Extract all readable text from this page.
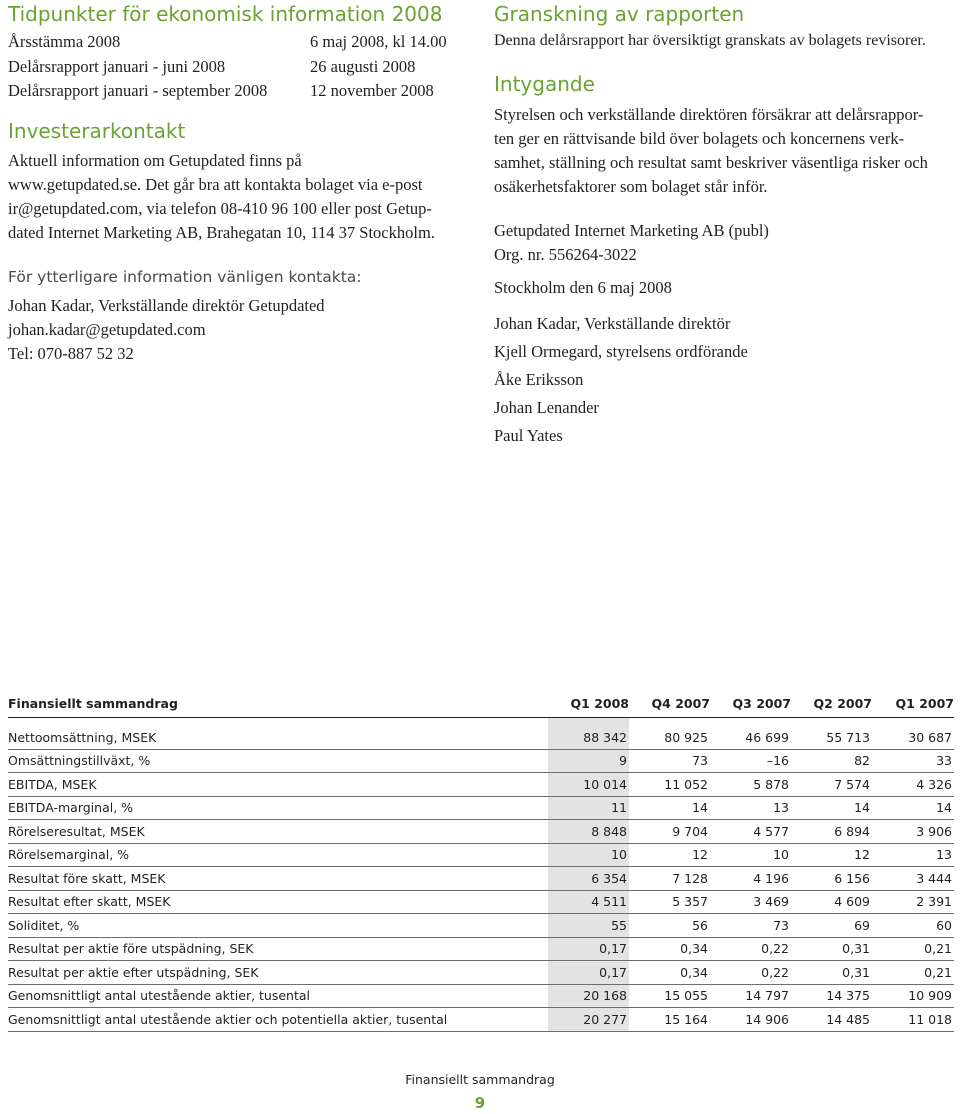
Tidpunkter för ekonomisk information 2008
Årsstämma 2008	6 maj 2008, kl 14.00
Delårsrapport januari - juni 2008	26 augusti 2008
Delårsrapport januari - september 2008	12 november 2008
Investerarkontakt

Aktuell information om Getupdated finns på

www.getupdated.se. Det går bra att kontakta bolaget via e-post

ir@getupdated.com, via telefon 08-410 96 100 eller post Getup-

dated Internet Marketing AB, Brahegatan 10, 114 37 Stockholm.

För ytterligare information vänligen kontakta:

Johan Kadar, Verkställande direktör Getupdated

johan.kadar@getupdated.com

Tel: 070-887 52 32

Granskning av rapporten

Denna delårsrapport har översiktigt granskats av bolagets revisorer.

Intygande

Styrelsen och verkställande direktören försäkrar att delårsrappor-

ten ger en rättvisande bild över bolagets och koncernens verk-

samhet, ställning och resultat samt beskriver väsentliga risker och

osäkerhetsfaktorer som bolaget står inför.

Getupdated Internet Marketing AB (publ)

Org. nr. 556264-3022

Stockholm den 6 maj 2008

Johan Kadar, Verkställande direktör

Kjell Ormegard, styrelsens ordförande

Åke Eriksson

Johan Lenander

Paul Yates

Finansiellt sammandrag	Q1 2008	Q4 2007	Q3 2007	Q2 2007	Q1 2007

Nettoomsättning, MSEK	88 342	80 925	46 699	55 713	30 687
Omsättningstillväxt, %	9	73	–16	82	33
EBITDA, MSEK	10 014	11 052	5 878	7 574	4 326
EBITDA-marginal, %	11	14	13	14	14
Rörelseresultat, MSEK	8 848	9 704	4 577	6 894	3 906
Rörelsemarginal, %	10	12	10	12	13
Resultat före skatt, MSEK	6 354	7 128	4 196	6 156	3 444
Resultat efter skatt, MSEK	4 511	5 357	3 469	4 609	2 391
Soliditet, %	55	56	73	69	60
Resultat per aktie före utspädning, SEK	0,17	0,34	0,22	0,31	0,21
Resultat per aktie efter utspädning, SEK	0,17	0,34	0,22	0,31	0,21
Genomsnittligt antal utestående aktier, tusental	20 168	15 055	14 797	14 375	10 909
Genomsnittligt antal utestående aktier och potentiella aktier, tusental	20 277	15 164	14 906	14 485	11 018
Finansiellt sammandrag
9
